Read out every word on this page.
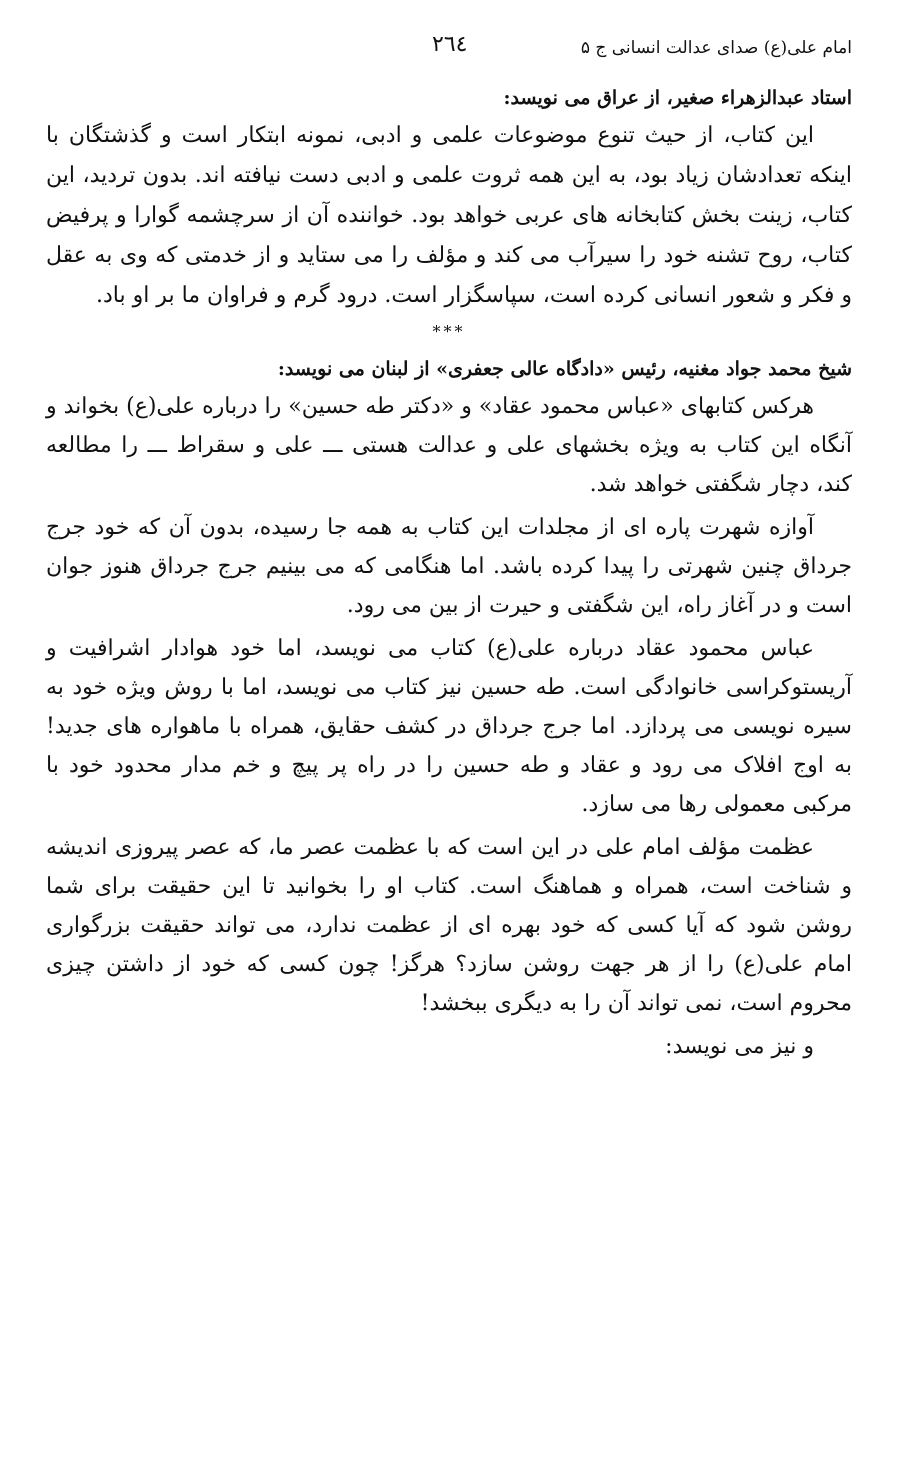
امام علی(ع) صدای عدالت انسانی ج ۵
٢٦٤
استاد عبدالزهراء صغیر، از عراق می نویسد:

این کتاب، از حیث تنوع موضوعات علمی و ادبی، نمونه ابتکار است و گذشتگان با اینکه تعدادشان زیاد بود، به این همه ثروت علمی و ادبی دست نیافته اند. بدون تردید، این کتاب، زینت بخش کتابخانه های عربی خواهد بود. خواننده آن از سرچشمه گوارا و پرفیض کتاب، روح تشنه خود را سیرآب می کند و مؤلف را می ستاید و از خدمتی که وی به عقل و فکر و شعور انسانی کرده است، سپاسگزار است. درود گرم و فراوان ما بر او باد.

***
شیخ محمد جواد مغنیه، رئیس «دادگاه عالی جعفری» از لبنان می نویسد:

هرکس کتابهای «عباس محمود عقاد» و «دکتر طه حسین» را درباره علی(ع) بخواند و آنگاه این کتاب به ویژه بخشهای علی و عدالت هستی ـــ علی و سقراط ـــ را مطالعه کند، دچار شگفتی خواهد شد.

آوازه شهرت پاره ای از مجلدات این کتاب به همه جا رسیده، بدون آن که خود جرج جرداق چنین شهرتی را پیدا کرده باشد. اما هنگامی که می بینیم جرج جرداق هنوز جوان است و در آغاز راه، این شگفتی و حیرت از بین می رود.

عباس محمود عقاد درباره علی(ع) کتاب می نویسد، اما خود هوادار اشرافیت و آریستوکراسی خانوادگی است. طه حسین نیز کتاب می نویسد، اما با روش ویژه خود به سیره نویسی می پردازد. اما جرج جرداق در کشف حقایق، همراه با ماهواره های جدید! به اوج افلاک می رود و عقاد و طه حسین را در راه پر پیچ و خم مدار محدود خود با مرکبی معمولی رها می سازد.

عظمت مؤلف امام علی در این است که با عظمت عصر ما، که عصر پیروزی اندیشه و شناخت است، همراه و هماهنگ است. کتاب او را بخوانید تا این حقیقت برای شما روشن شود که آیا کسی که خود بهره ای از عظمت ندارد، می تواند حقیقت بزرگواری امام علی(ع) را از هر جهت روشن سازد؟ هرگز! چون کسی که خود از داشتن چیزی محروم است، نمی تواند آن را به دیگری ببخشد!

و نیز می نویسد:
